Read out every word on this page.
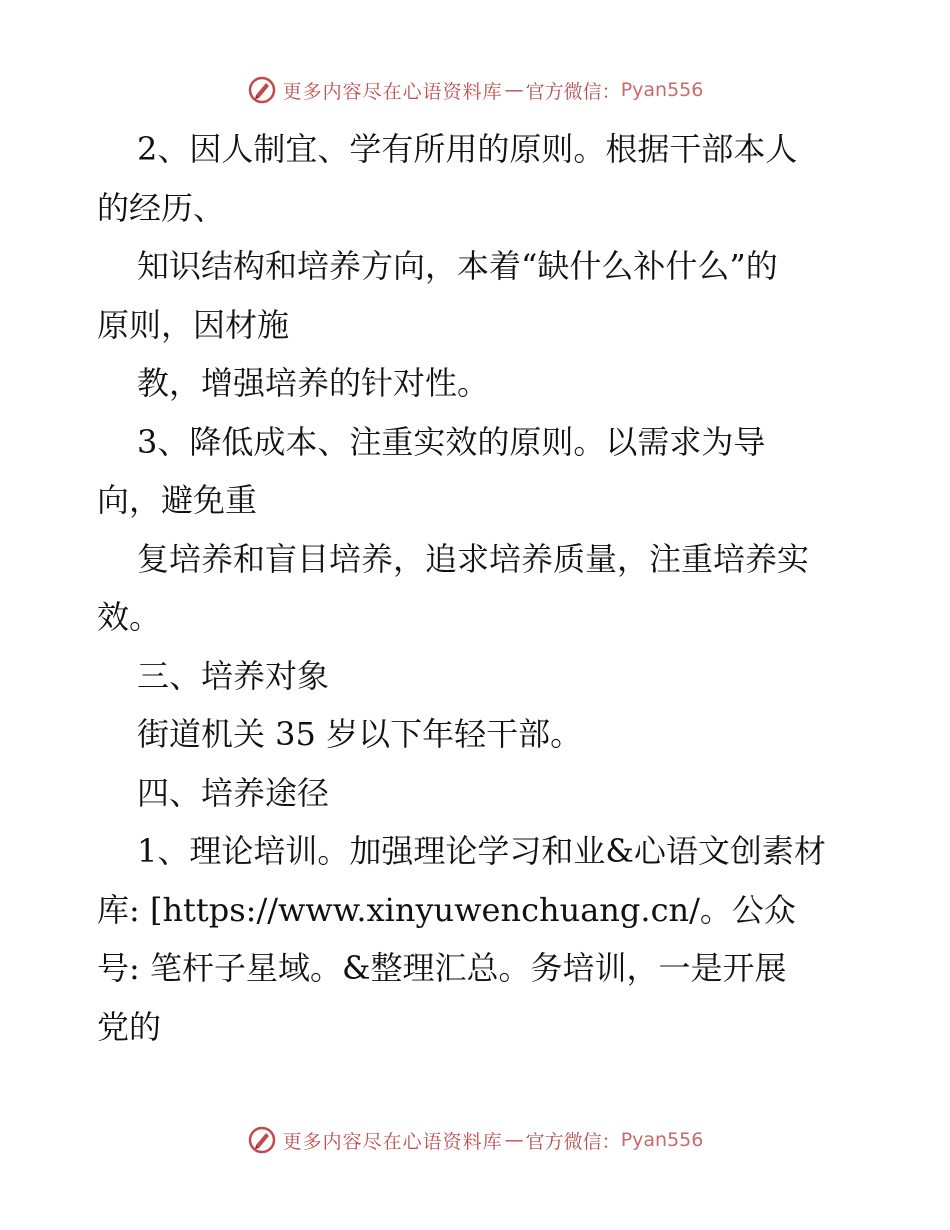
更多内容尽在心语资料库 — 官方微信： Pyan556
2、因人制宜、学有所用的原则。根据干部本人
的经历、
知识结构和培养方向，本着“缺什么补什么”的
原则，因材施
教，增强培养的针对性。
3、降低成本、注重实效的原则。以需求为导
向，避免重
复培养和盲目培养，追求培养质量，注重培养实
效。
三、培养对象
街道机关 35 岁以下年轻干部。
四、培养途径
1、理论培训。加强理论学习和业&心语文创素材
库: [https://www.xinyuwenchuang.cn/。公众
号: 笔杆子星域。&整理汇总。务培训，一是开展
党的
更多内容尽在心语资料库 — 官方微信： Pyan556
